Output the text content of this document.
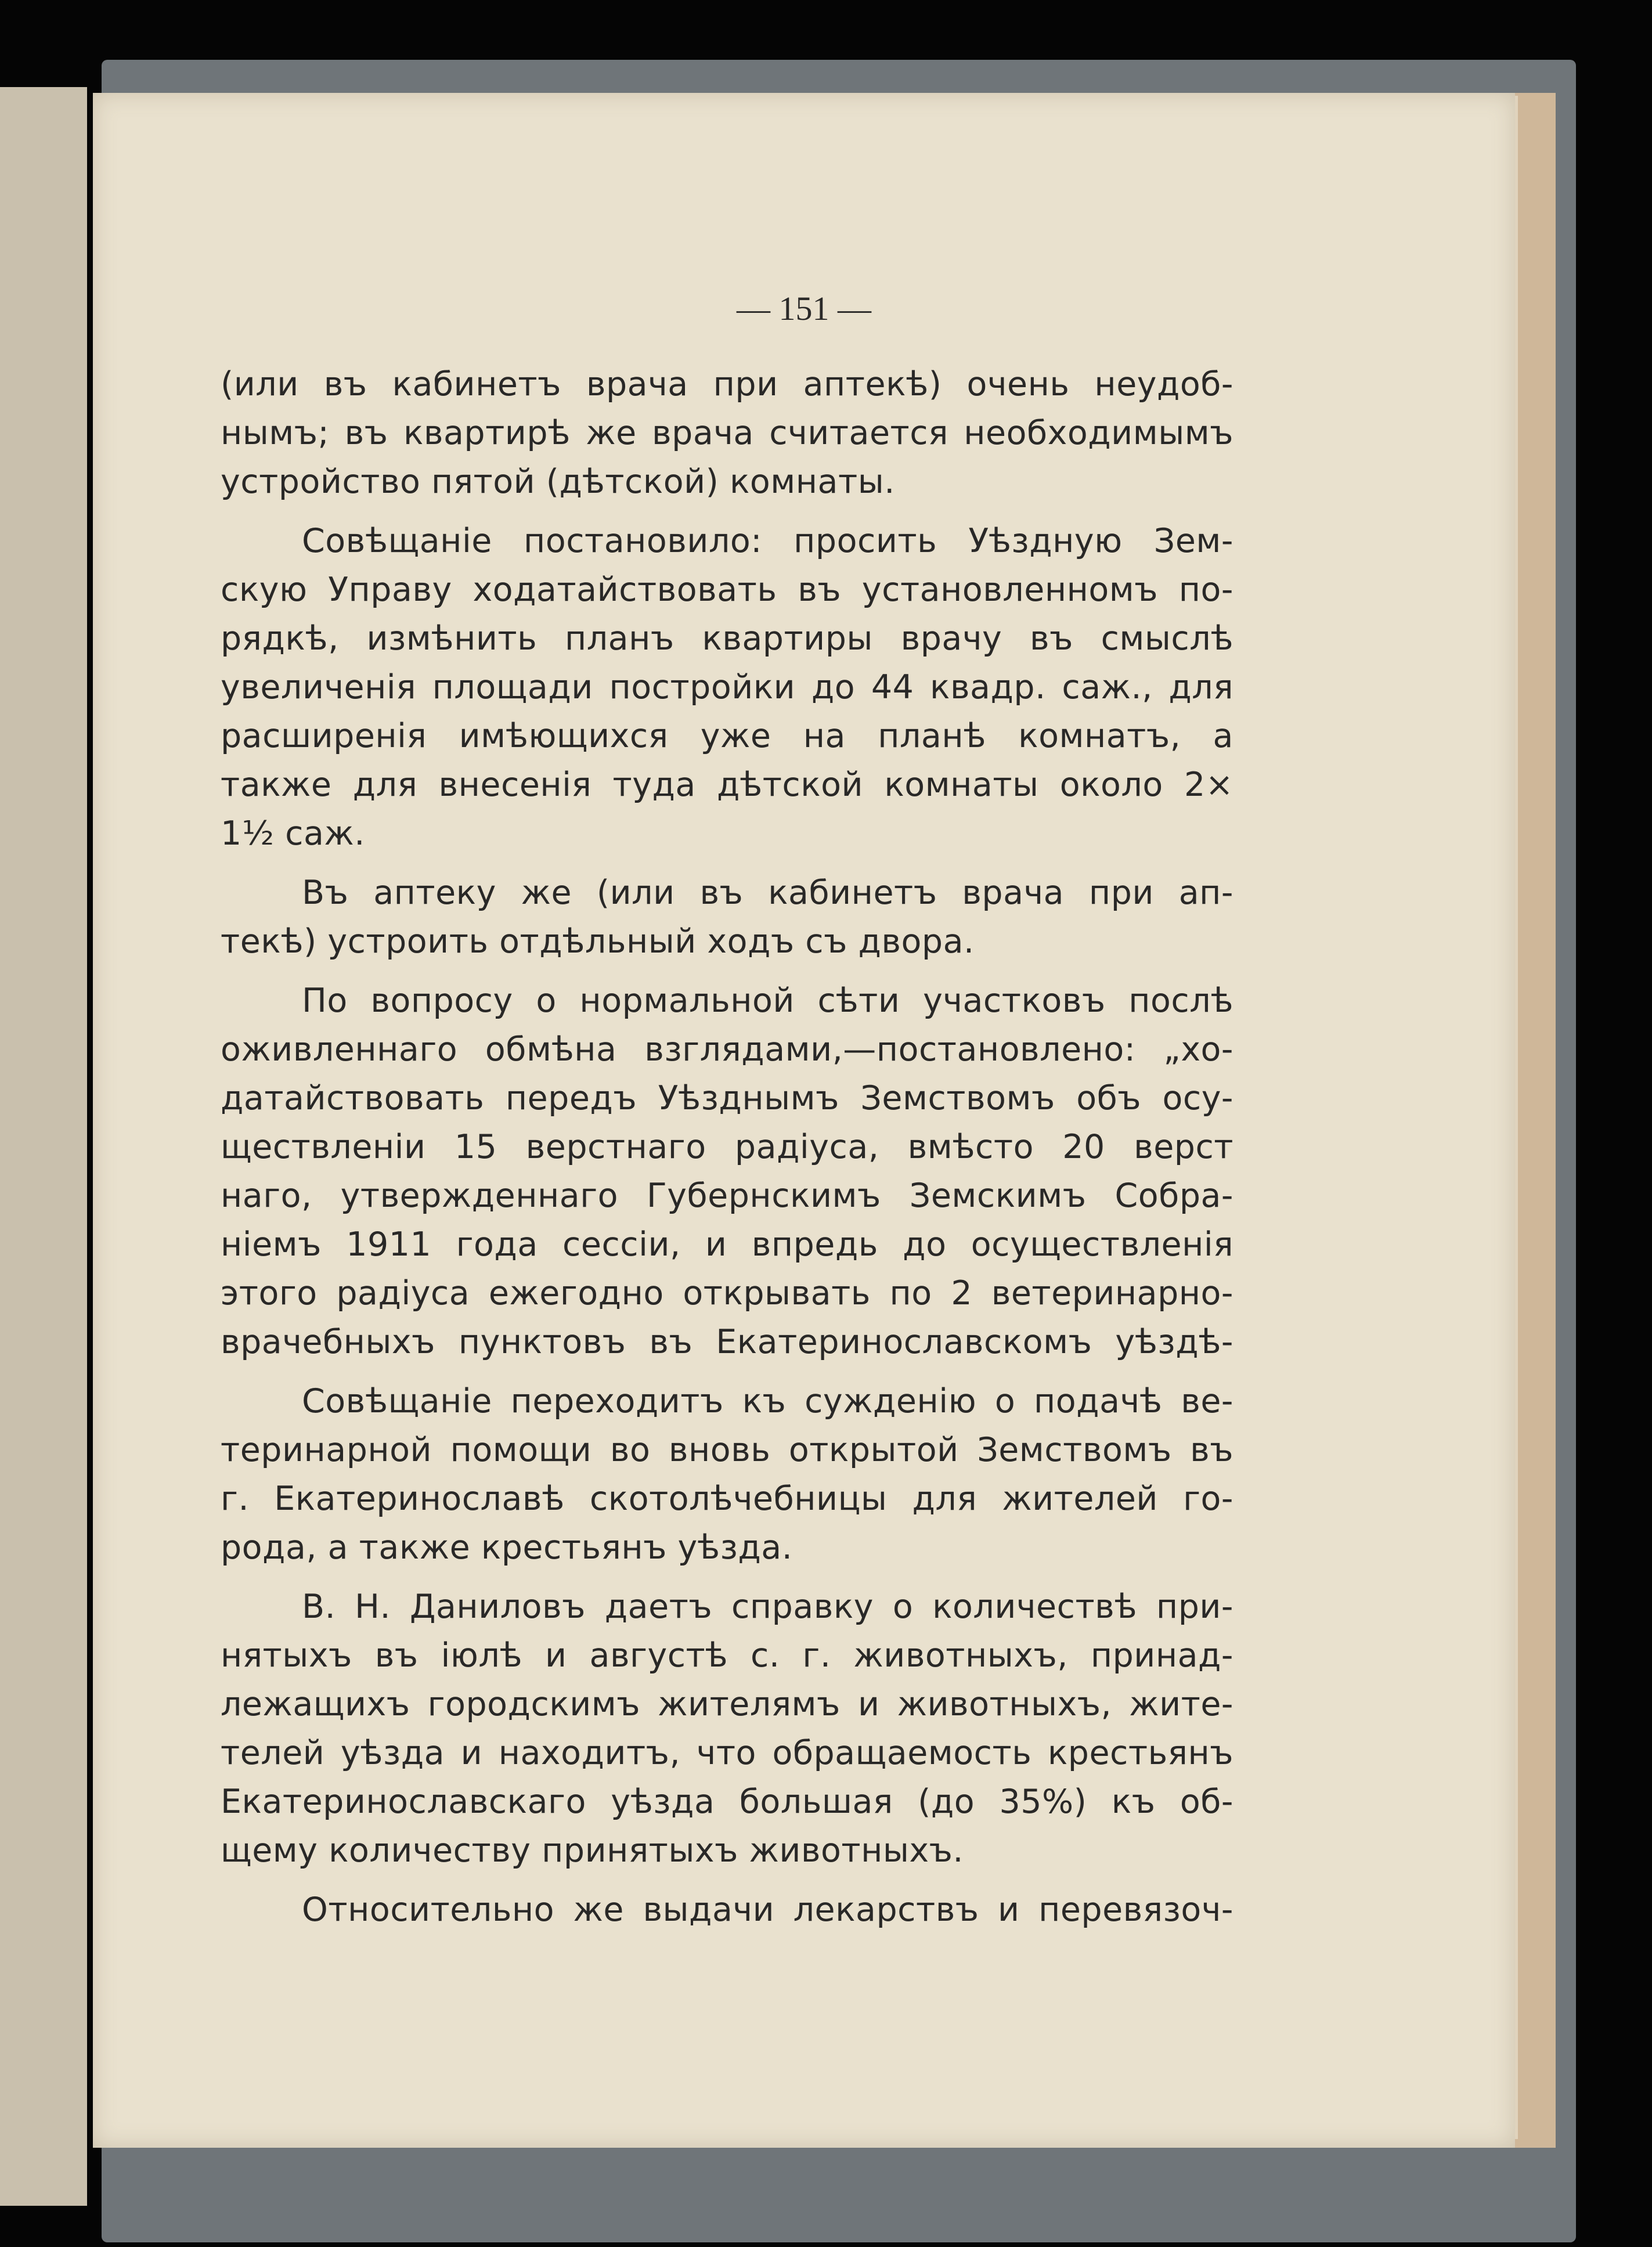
— 151 —
(или въ кабинетъ врача при аптекѣ) очень неудоб-
нымъ; въ квартирѣ же врача считается необходимымъ
устройство пятой (дѣтской) комнаты.
Совѣщаніе постановило: просить Уѣздную Зем-
скую Управу ходатайствовать въ установленномъ по-
рядкѣ, измѣнить планъ квартиры врачу въ смыслѣ
увеличенія площади постройки до 44 квадр. саж., для
расширенія имѣющихся уже на планѣ комнатъ, а
также для внесенія туда дѣтской комнаты около 2×
1½ саж.
Въ аптеку же (или въ кабинетъ врача при ап-
текѣ) устроить отдѣльный ходъ съ двора.
По вопросу о нормальной сѣти участковъ послѣ
оживленнаго обмѣна взглядами,—постановлено: „хо-
датайствовать передъ Уѣзднымъ Земствомъ объ осу-
ществленіи 15 верстнаго радіуса, вмѣсто 20 верст
наго, утвержденнаго Губернскимъ Земскимъ Собра-
ніемъ 1911 года сессіи, и впредь до осуществленія
этого радіуса ежегодно открывать по 2 ветеринарно-
врачебныхъ пунктовъ въ Екатеринославскомъ уѣздѣ-
Совѣщаніе переходитъ къ сужденію о подачѣ ве-
теринарной помощи во вновь открытой Земствомъ въ
г. Екатеринославѣ скотолѣчебницы для жителей го-
рода, а также крестьянъ уѣзда.
В. Н. Даниловъ даетъ справку о количествѣ при-
нятыхъ въ іюлѣ и августѣ с. г. животныхъ, принад-
лежащихъ городскимъ жителямъ и животныхъ, жите-
телей уѣзда и находитъ, что обращаемость крестьянъ
Екатеринославскаго уѣзда большая (до 35%) къ об-
щему количеству принятыхъ животныхъ.
Относительно же выдачи лекарствъ и перевязоч-
